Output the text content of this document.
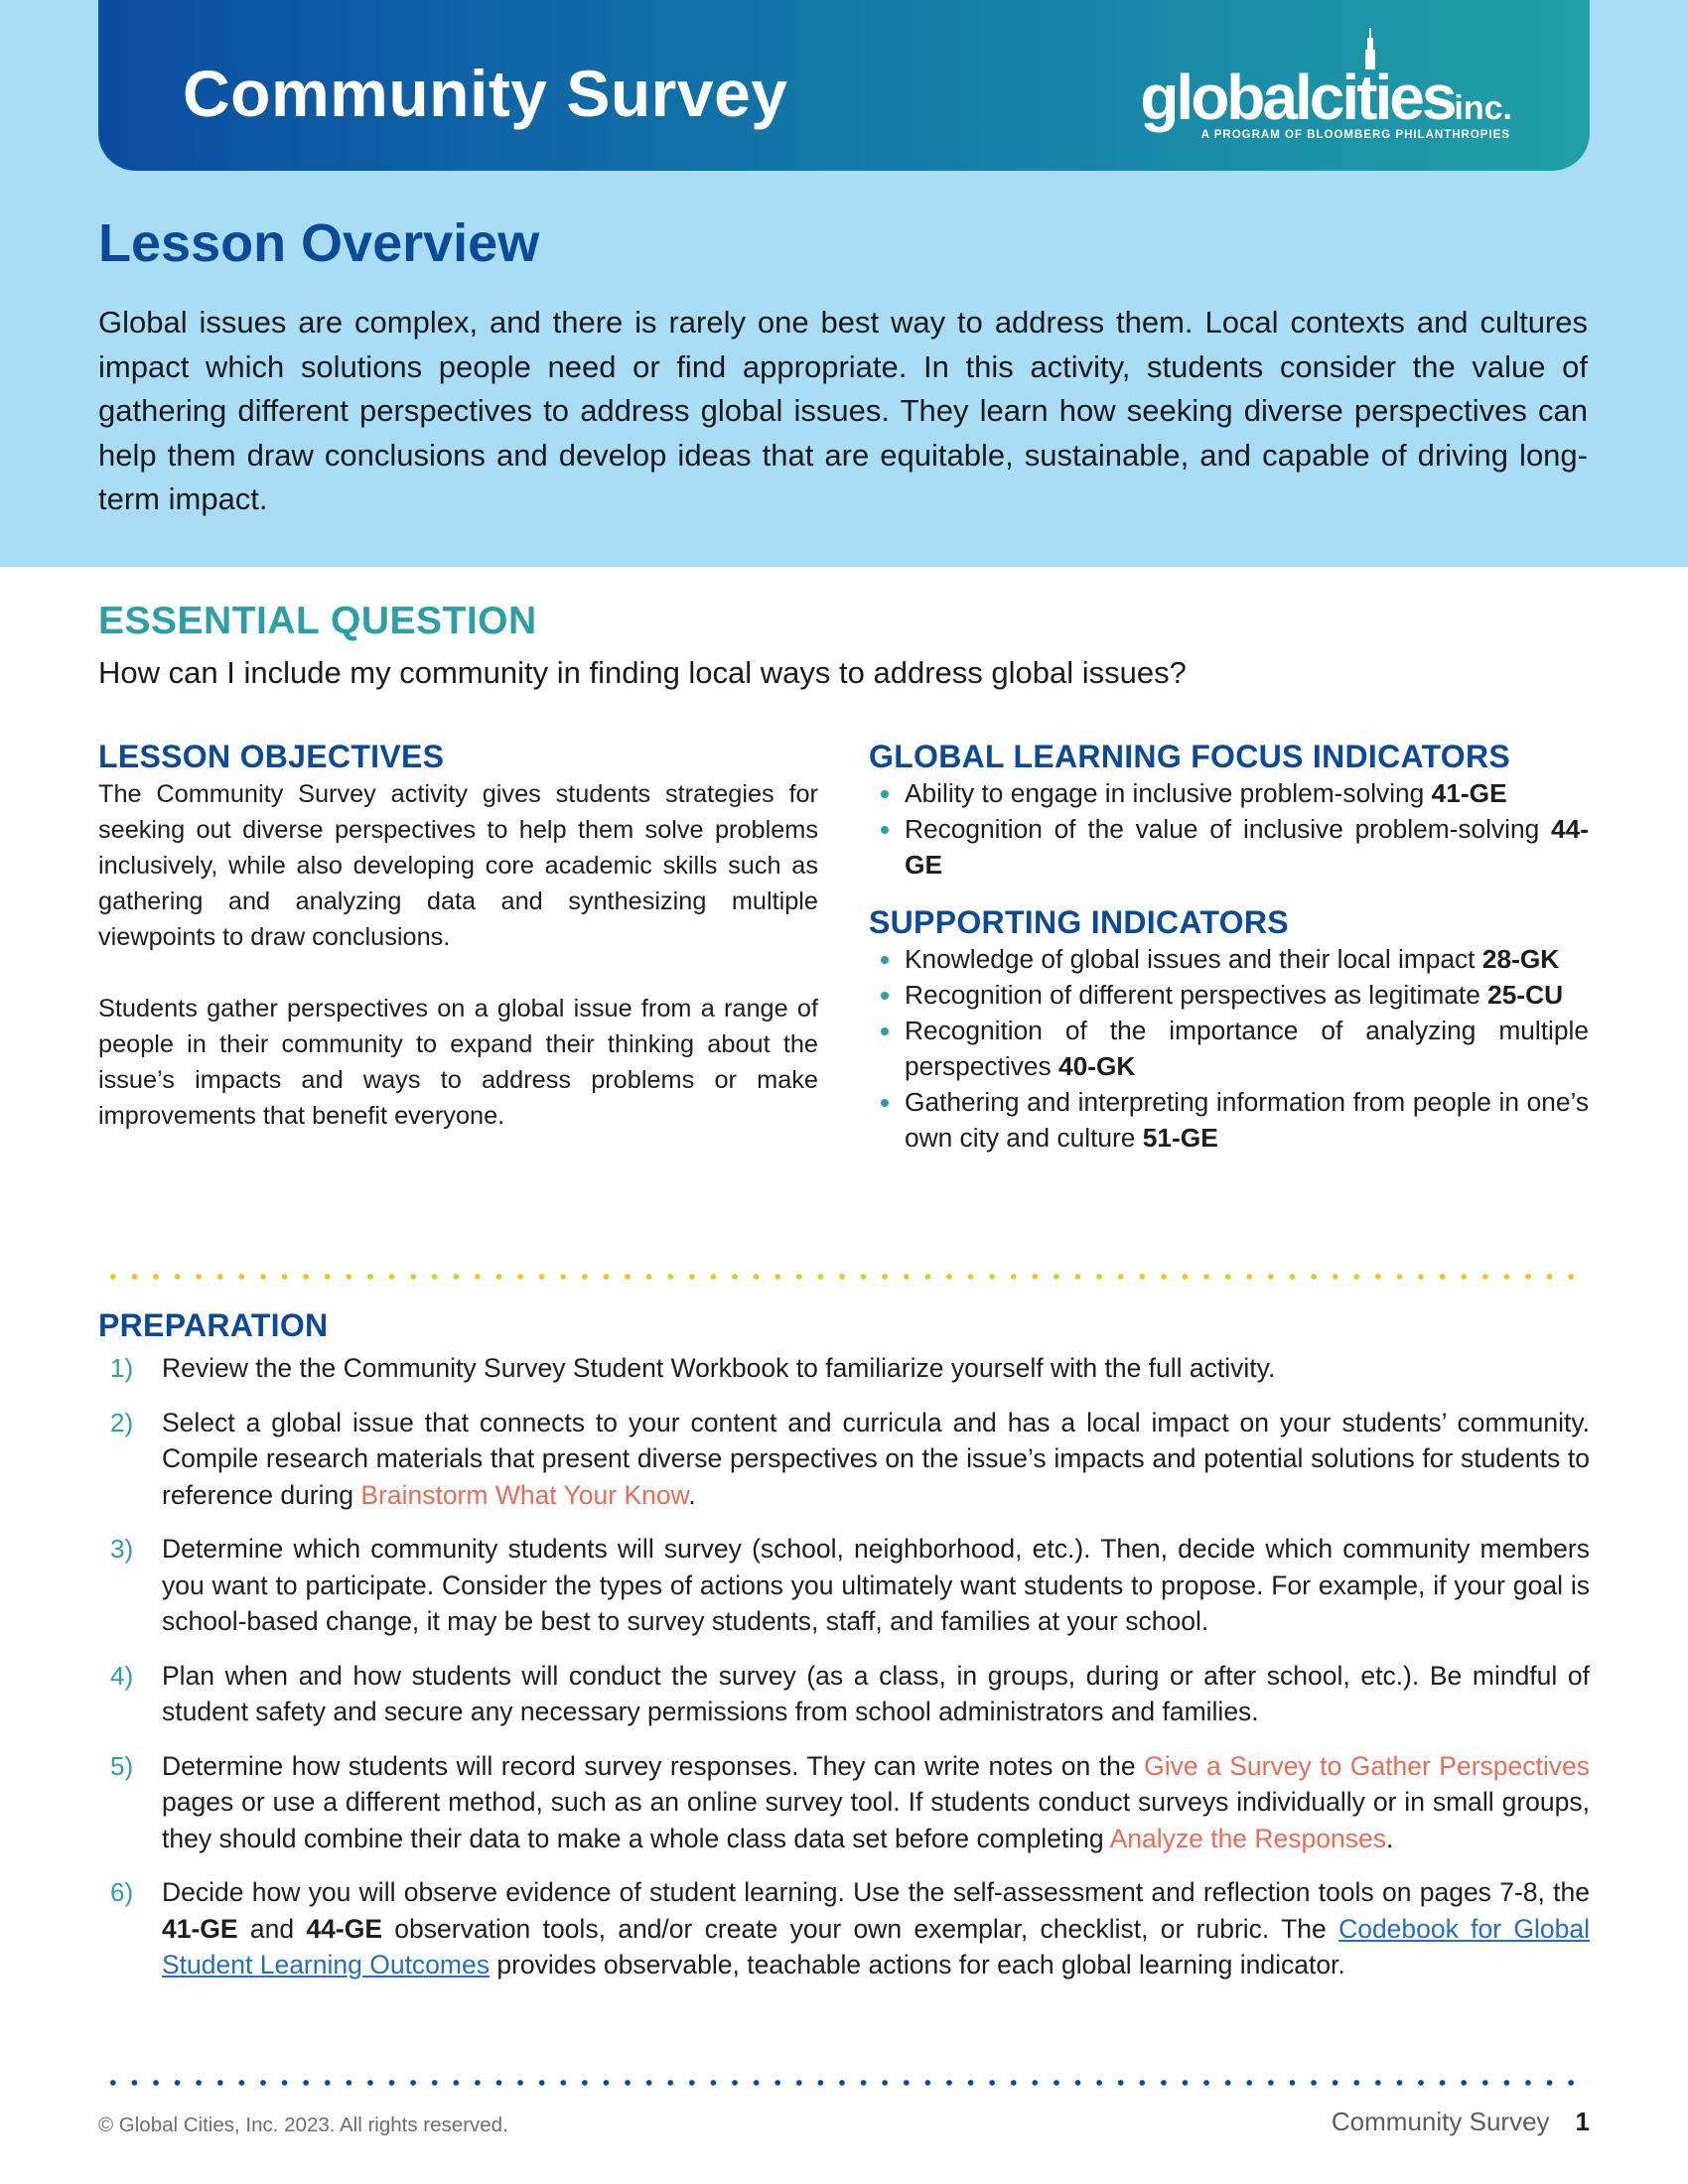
Community Survey	globalcitiesinc.
A PROGRAM OF BLOOMBERG PHILANTHROPIES
Lesson Overview
Global issues are complex, and there is rarely one best way to address them. Local contexts and cultures impact which solutions people need or find appropriate. In this activity, students consider the value of gathering different perspectives to address global issues. They learn how seeking diverse perspectives can help them draw conclusions and develop ideas that are equitable, sustainable, and capable of driving long-term impact.
ESSENTIAL QUESTION
How can I include my community in finding local ways to address global issues?
LESSON OBJECTIVES

The Community Survey activity gives students strategies for seeking out diverse perspectives to help them solve problems inclusively, while also developing core academic skills such as gathering and analyzing data and synthesizing multiple viewpoints to draw conclusions.

Students gather perspectives on a global issue from a range of people in their community to expand their thinking about the issue’s impacts and ways to address problems or make improvements that benefit everyone.

GLOBAL LEARNING FOCUS INDICATORS
Ability to engage in inclusive problem-solving 41-GE
Recognition of the value of inclusive problem-solving 44-GE
SUPPORTING INDICATORS
Knowledge of global issues and their local impact 28-GK
Recognition of different perspectives as legitimate 25-CU
Recognition of the importance of analyzing multiple perspectives 40-GK
Gathering and interpreting information from people in one’s own city and culture 51-GE
PREPARATION
1) Review the the Community Survey Student Workbook to familiarize yourself with the full activity.
2) Select a global issue that connects to your content and curricula and has a local impact on your students’ community. Compile research materials that present diverse perspectives on the issue’s impacts and potential solutions for students to reference during Brainstorm What Your Know.
3) Determine which community students will survey (school, neighborhood, etc.). Then, decide which community members you want to participate. Consider the types of actions you ultimately want students to propose. For example, if your goal is school-based change, it may be best to survey students, staff, and families at your school.
4) Plan when and how students will conduct the survey (as a class, in groups, during or after school, etc.). Be mindful of student safety and secure any necessary permissions from school administrators and families.
5) Determine how students will record survey responses. They can write notes on the Give a Survey to Gather Perspectives pages or use a different method, such as an online survey tool. If students conduct surveys individually or in small groups, they should combine their data to make a whole class data set before completing Analyze the Responses.
6) Decide how you will observe evidence of student learning. Use the self-assessment and reflection tools on pages 7-8, the 41-GE and 44-GE observation tools, and/or create your own exemplar, checklist, or rubric. The Codebook for Global Student Learning Outcomes provides observable, teachable actions for each global learning indicator.
© Global Cities, Inc. 2023. All rights reserved.	Community Survey 1
